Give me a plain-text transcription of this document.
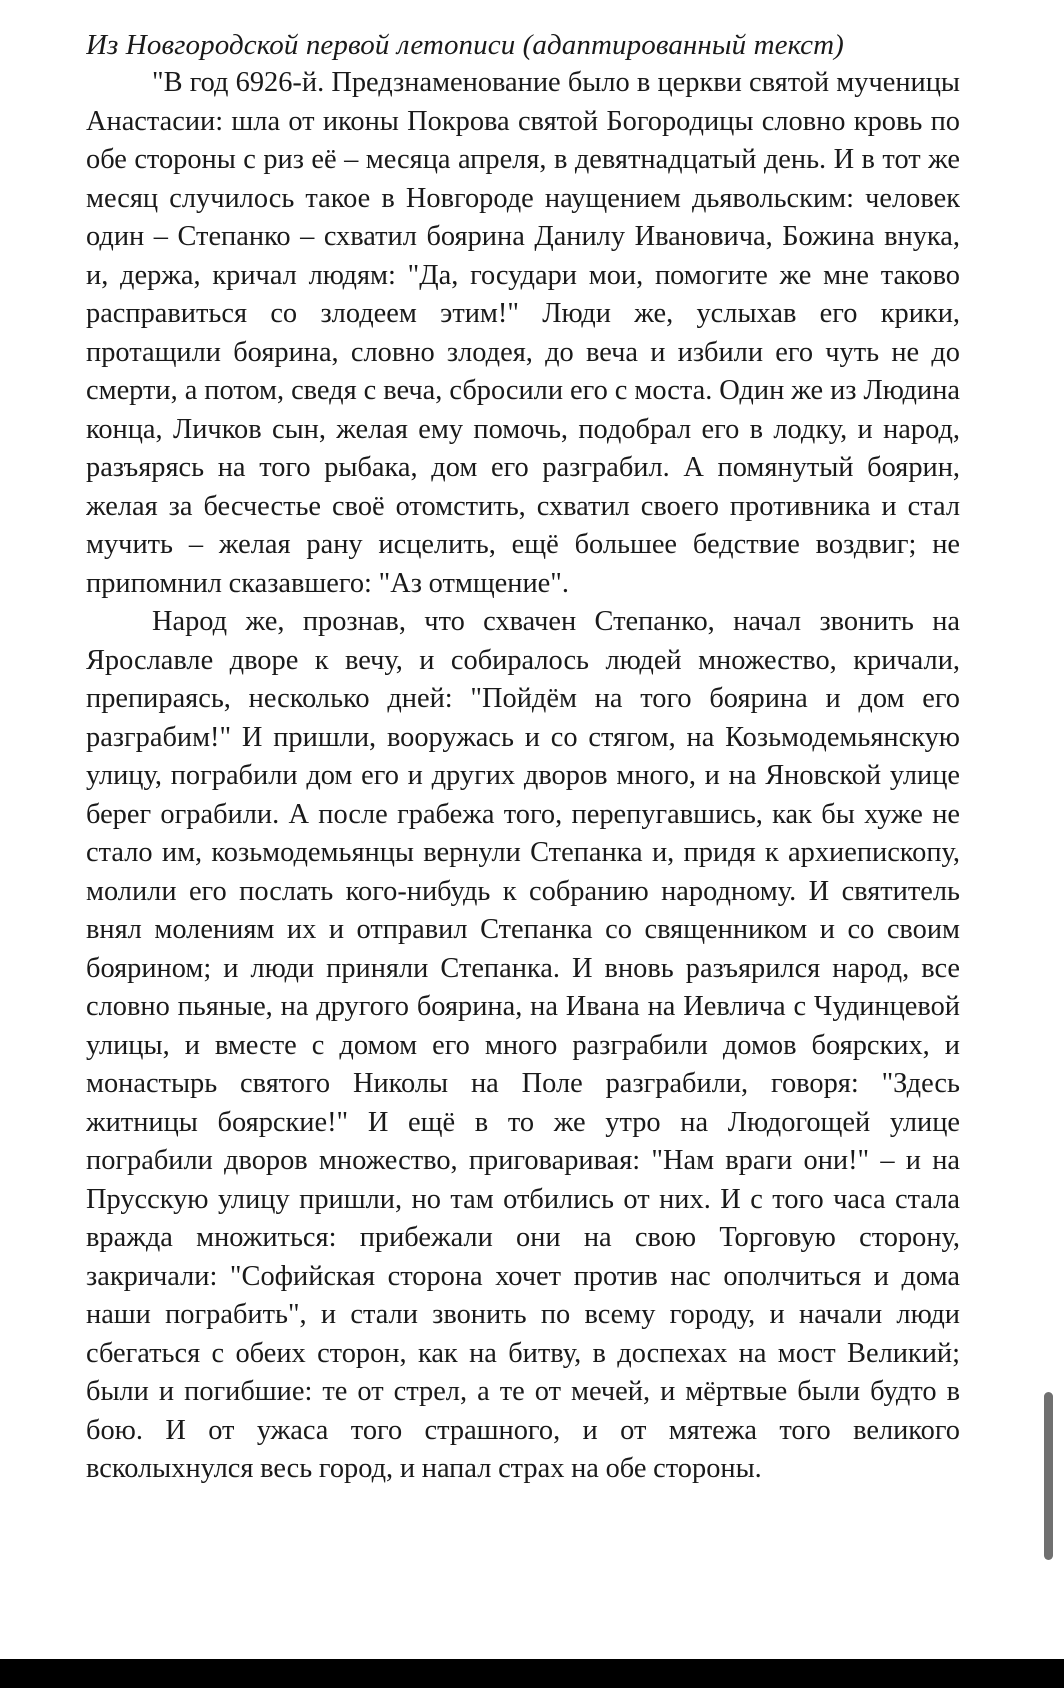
Из Новгородской первой летописи (адаптированный текст)

"В год 6926-й. Предзнаменование было в церкви святой мученицы Анастасии: шла от иконы Покрова святой Богородицы словно кровь по обе стороны с риз её – месяца апреля, в девятнадцатый день. И в тот же месяц случилось такое в Новгороде наущением дьявольским: человек один – Степанко – схватил боярина Данилу Ивановича, Божина внука, и, держа, кричал людям: "Да, государи мои, помогите же мне таково расправиться со злодеем этим!" Люди же, услыхав его крики, протащили боярина, словно злодея, до веча и избили его чуть не до смерти, а потом, сведя с веча, сбросили его с моста. Один же из Людина конца, Личков сын, желая ему помочь, подобрал его в лодку, и народ, разъярясь на того рыбака, дом его разграбил. А помянутый боярин, желая за бесчестье своё отомстить, схватил своего противника и стал мучить – желая рану исцелить, ещё большее бедствие воздвиг; не припомнил сказавшего: "Аз отмщение".

Народ же, прознав, что схвачен Степанко, начал звонить на Ярославле дворе к вечу, и собиралось людей множество, кричали, препираясь, несколько дней: "Пойдём на того боярина и дом его разграбим!" И пришли, вооружась и со стягом, на Козьмодемьянскую улицу, пограбили дом его и других дворов много, и на Яновской улице берег ограбили. А после грабежа того, перепугавшись, как бы хуже не стало им, козьмодемьянцы вернули Степанка и, придя к архиепископу, молили его послать кого-нибудь к собранию народному. И святитель внял молениям их и отправил Степанка со священником и со своим боярином; и люди приняли Степанка. И вновь разъярился народ, все словно пьяные, на другого боярина, на Ивана на Иевлича с Чудинцевой улицы, и вместе с домом его много разграбили домов боярских, и монастырь святого Николы на Поле разграбили, говоря: "Здесь житницы боярские!" И ещё в то же утро на Людогощей улице пограбили дворов множество, приговаривая: "Нам враги они!" – и на Прусскую улицу пришли, но там отбились от них. И с того часа стала вражда множиться: прибежали они на свою Торговую сторону, закричали: "Софийская сторона хочет против нас ополчиться и дома наши пограбить", и стали звонить по всему городу, и начали люди сбегаться с обеих сторон, как на битву, в доспехах на мост Великий; были и погибшие: те от стрел, а те от мечей, и мёртвые были будто в бою. И от ужаса того страшного, и от мятежа того великого всколыхнулся весь город, и напал страх на обе стороны.
